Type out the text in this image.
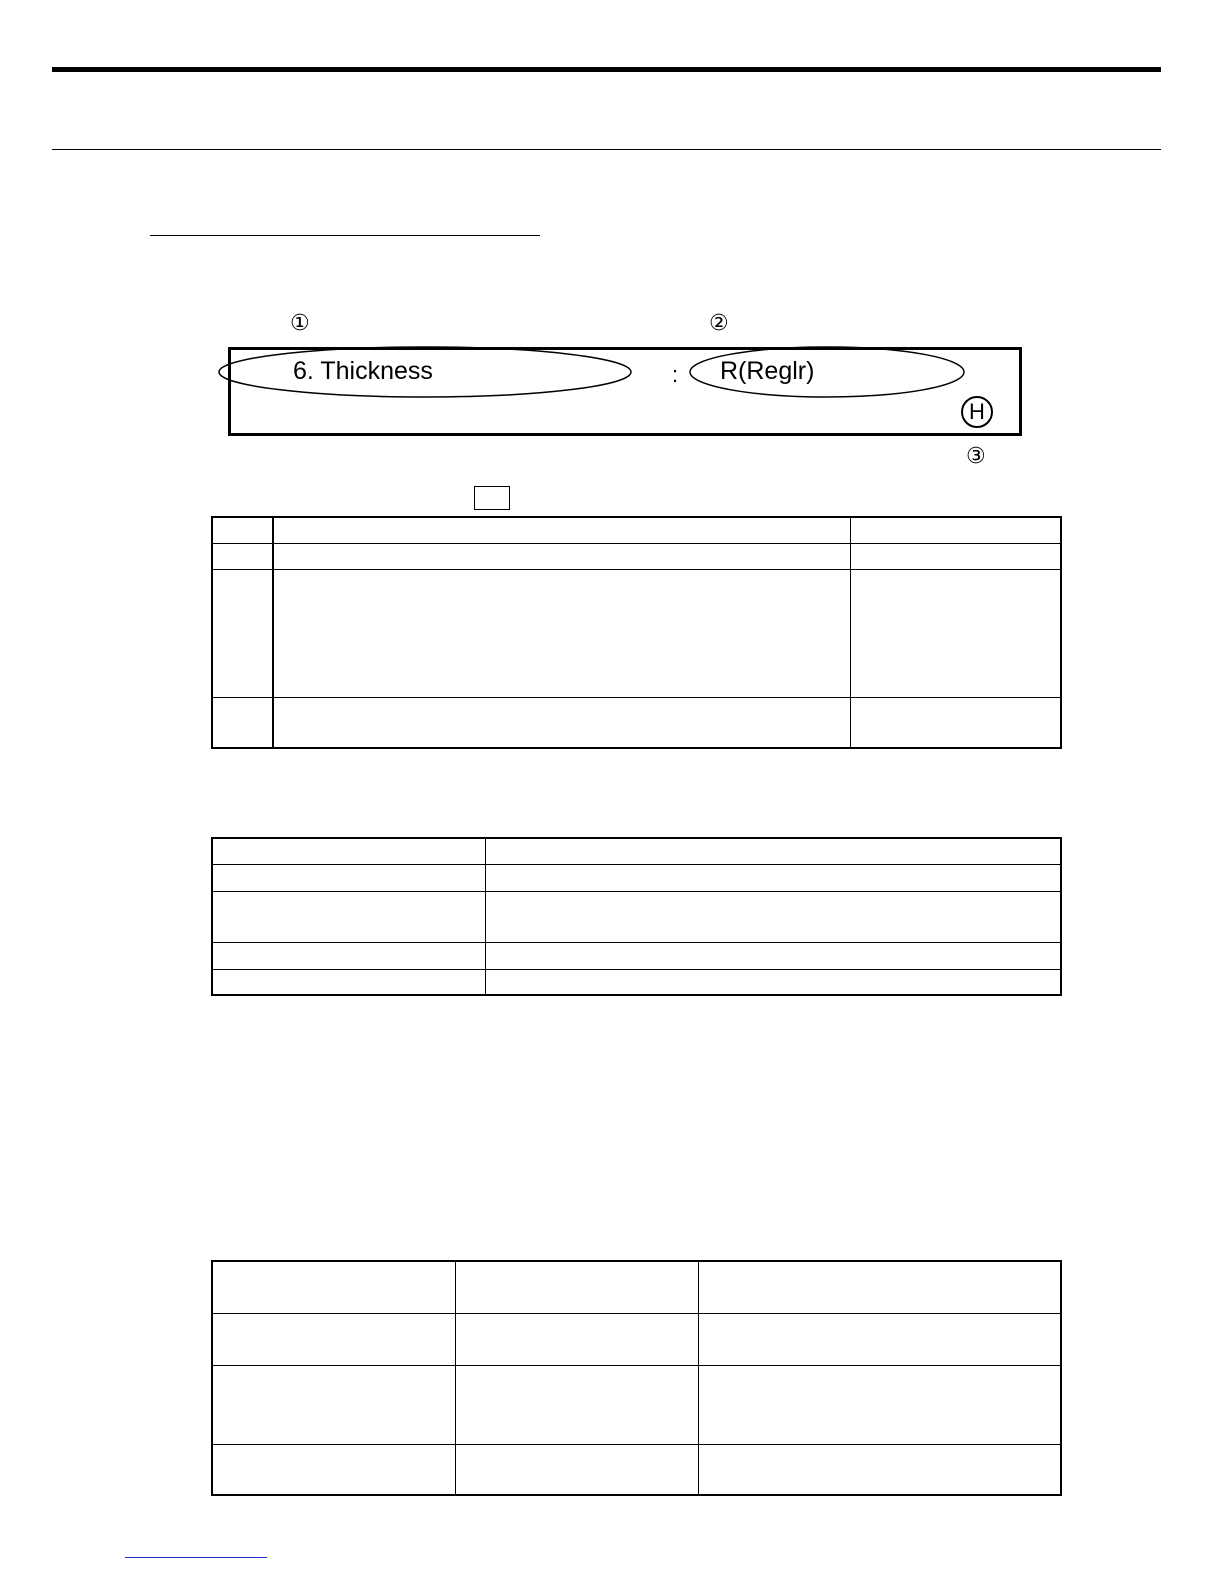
①	②
6. Thickness	: R(Reglr)
H
③
